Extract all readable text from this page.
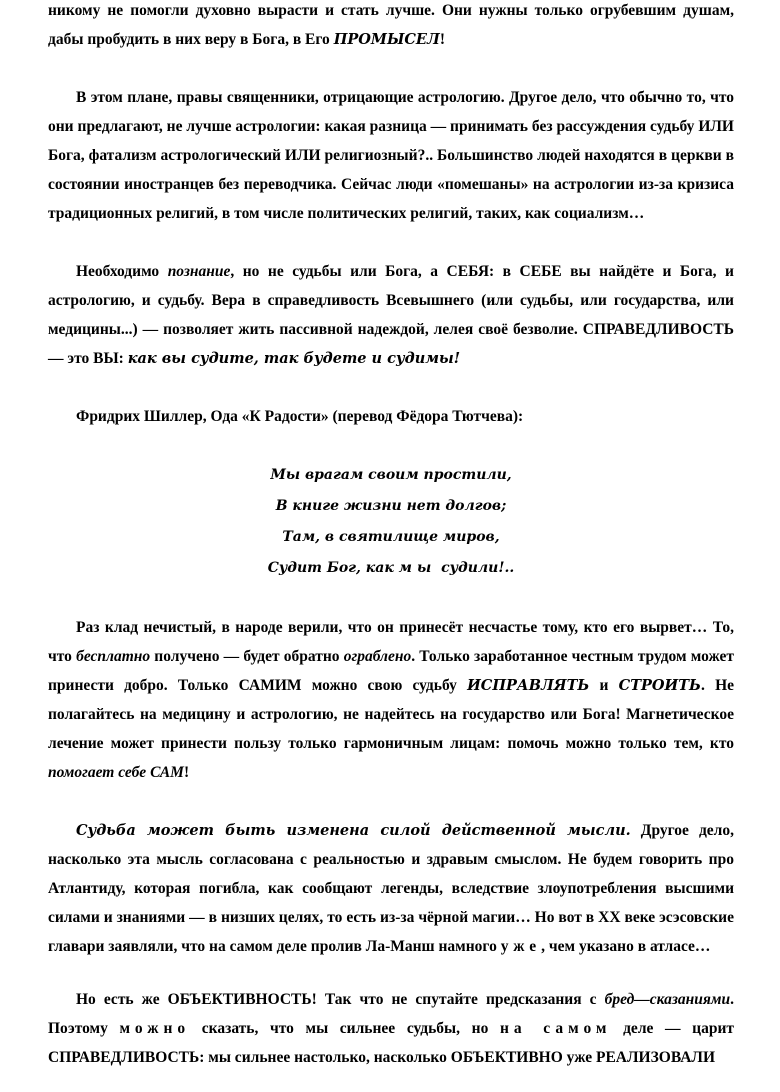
никому не помогли духовно вырасти и стать лучше. Они нужны только огрубевшим душам, дабы пробудить в них веру в Бога, в Его ПРОМЫСЕЛ!

В этом плане, правы священники, отрицающие астрологию. Другое дело, что обычно то, что они предлагают, не лучше астрологии: какая разница — принимать без рассуждения судьбу ИЛИ Бога, фатализм астрологический ИЛИ религиозный?.. Большинство людей находятся в церкви в состоянии иностранцев без переводчика. Сейчас люди «помешаны» на астрологии из-за кризиса традиционных религий, в том числе политических религий, таких, как социализм…

Необходимо познание, но не судьбы или Бога, а СЕБЯ: в СЕБЕ вы найдёте и Бога, и астрологию, и судьбу. Вера в справедливость Всевышнего (или судьбы, или государства, или медицины...) — позволяет жить пассивной надеждой, лелея своё безволие. СПРАВЕДЛИВОСТЬ — это ВЫ: как вы судите, так будете и судимы!

Фридрих Шиллер, Ода «К Радости» (перевод Фёдора Тютчева):

Мы врагам своим простили,
В книге жизни нет долгов;
Там, в святилище миров,
Судит Бог, как мы судили!..

Раз клад нечистый, в народе верили, что он принесёт несчастье тому, кто его вырвет… То, что бесплатно получено — будет обратно ограблено. Только заработанное честным трудом может принести добро. Только САМИМ можно свою судьбу ИСПРАВЛЯТЬ и СТРОИТЬ. Не полагайтесь на медицину и астрологию, не надейтесь на государство или Бога! Магнетическое лечение может принести пользу только гармоничным лицам: помочь можно только тем, кто помогает себе САМ!

Судьба может быть изменена силой действенной мысли. Другое дело, насколько эта мысль согласована с реальностью и здравым смыслом. Не будем говорить про Атлантиду, которая погибла, как сообщают легенды, вследствие злоупотребления высшими силами и знаниями — в низших целях, то есть из-за чёрной магии… Но вот в XX веке эсэсовские главари заявляли, что на самом деле пролив Ла-Манш намного уже, чем указано в атласе…

Но есть же ОБЪЕКТИВНОСТЬ! Так что не спутайте предсказания с бред—сказаниями. Поэтому можно сказать, что мы сильнее судьбы, но на самом деле — царит СПРАВЕДЛИВОСТЬ: мы сильнее настолько, насколько ОБЪЕКТИВНО уже РЕАЛИЗОВАЛИ
